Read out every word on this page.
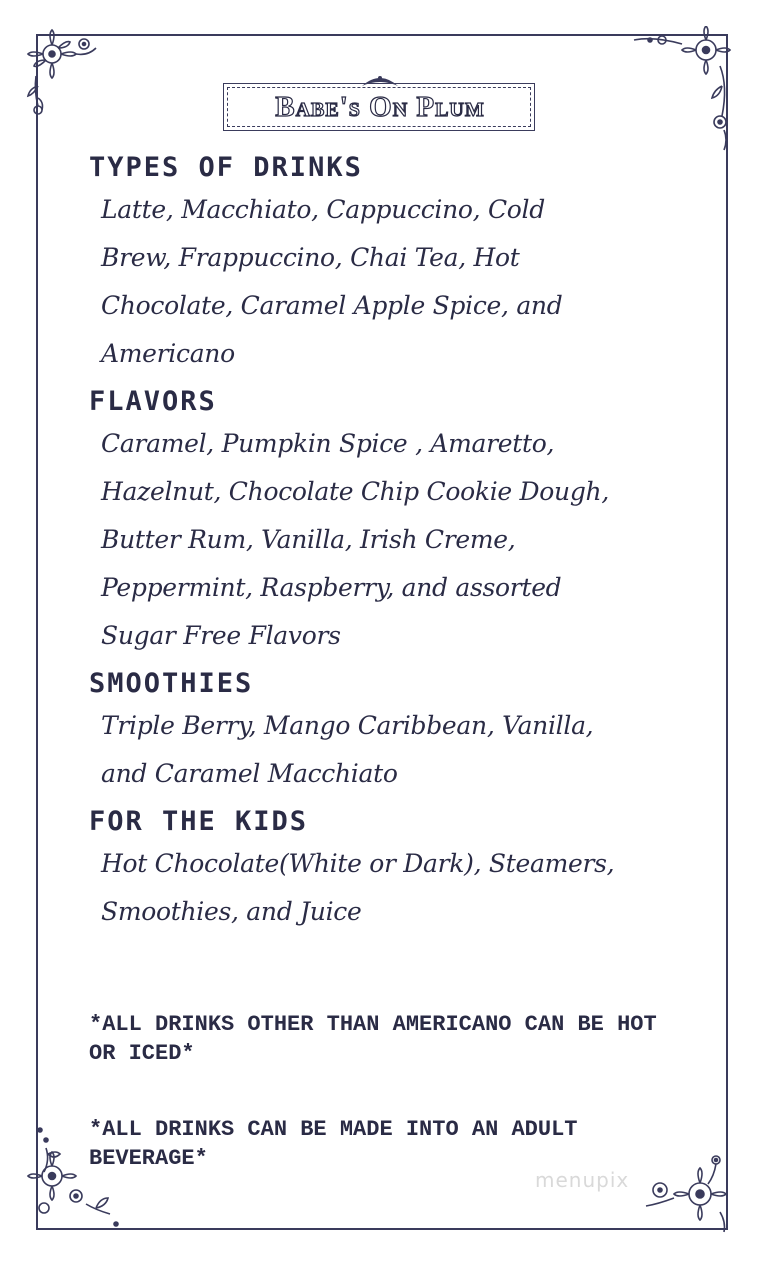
Babe's On Plum
TYPES OF DRINKS

Latte, Macchiato, Cappuccino, Cold Brew, Frappuccino, Chai Tea, Hot Chocolate, Caramel Apple Spice, and Americano

FLAVORS

Caramel, Pumpkin Spice , Amaretto, Hazelnut, Chocolate Chip Cookie Dough, Butter Rum, Vanilla, Irish Creme, Peppermint, Raspberry, and assorted Sugar Free Flavors

SMOOTHIES

Triple Berry, Mango Caribbean, Vanilla, and Caramel Macchiato

FOR THE KIDS

Hot Chocolate(White or Dark), Steamers, Smoothies, and Juice

*ALL DRINKS OTHER THAN AMERICANO CAN BE HOT OR ICED*

*ALL DRINKS CAN BE MADE INTO AN ADULT BEVERAGE*

menupix
